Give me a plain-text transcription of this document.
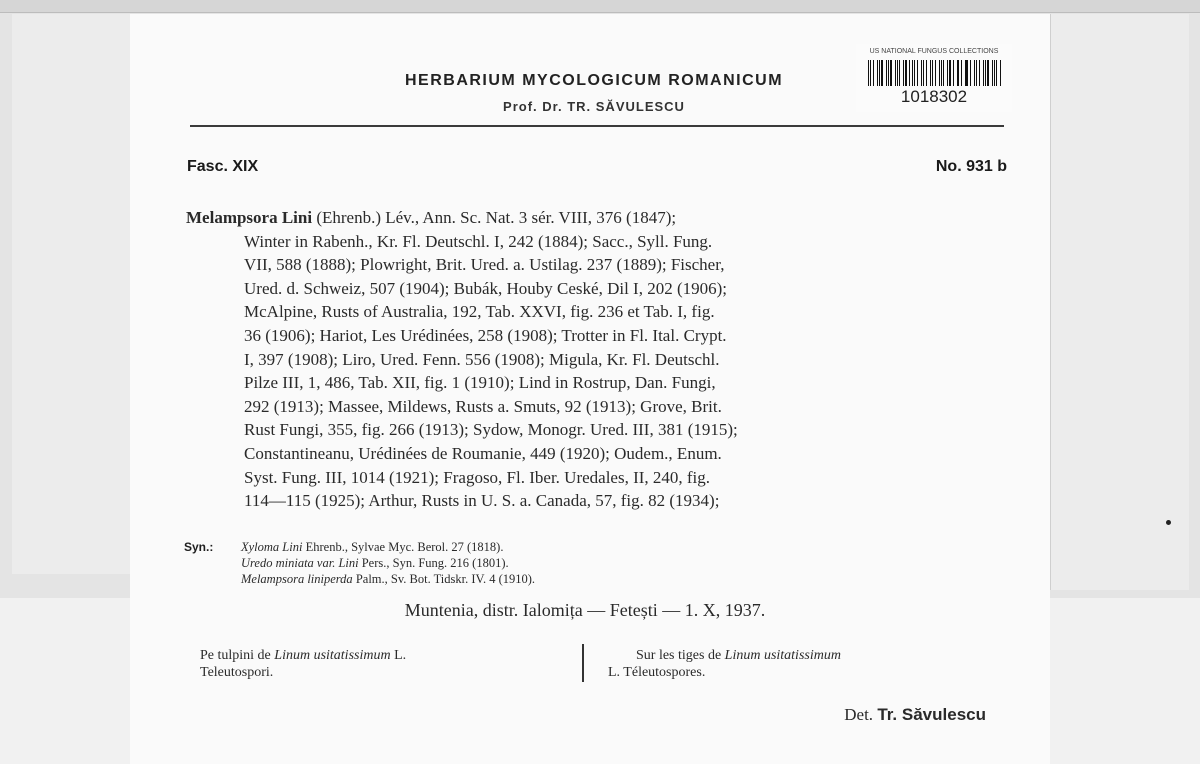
HERBARIUM MYCOLOGICUM ROMANICUM
Prof. Dr. TR. SĂVULESCU
US NATIONAL FUNGUS COLLECTIONS
1018302
Fasc. XIX	No. 931 b
Melampsora Lini (Ehrenb.) Lév., Ann. Sc. Nat. 3 sér. VIII, 376 (1847);
Winter in Rabenh., Kr. Fl. Deutschl. I, 242 (1884); Sacc., Syll. Fung.
VII, 588 (1888); Plowright, Brit. Ured. a. Ustilag. 237 (1889); Fischer,
Ured. d. Schweiz, 507 (1904); Bubák, Houby Ceské, Dil I, 202 (1906);
McAlpine, Rusts of Australia, 192, Tab. XXVI, fig. 236 et Tab. I, fig.
36 (1906); Hariot, Les Urédinées, 258 (1908); Trotter in Fl. Ital. Crypt.
I, 397 (1908); Liro, Ured. Fenn. 556 (1908); Migula, Kr. Fl. Deutschl.
Pilze III, 1, 486, Tab. XII, fig. 1 (1910); Lind in Rostrup, Dan. Fungi,
292 (1913); Massee, Mildews, Rusts a. Smuts, 92 (1913); Grove, Brit.
Rust Fungi, 355, fig. 266 (1913); Sydow, Monogr. Ured. III, 381 (1915);
Constantineanu, Urédinées de Roumanie, 449 (1920); Oudem., Enum.
Syst. Fung. III, 1014 (1921); Fragoso, Fl. Iber. Uredales, II, 240, fig.
114—115 (1925); Arthur, Rusts in U. S. a. Canada, 57, fig. 82 (1934);
Syn.: Xyloma Lini Ehrenb., Sylvae Myc. Berol. 27 (1818).
Uredo miniata var. Lini Pers., Syn. Fung. 216 (1801).
Melampsora liniperda Palm., Sv. Bot. Tidskr. IV. 4 (1910).
Muntenia, distr. Ialomița — Fetești — 1. X, 1937.
Pe tulpini de Linum usitatissimum L.
Teleutospori.
Sur les tiges de Linum usitatissimum
L. Téleutospores.
Det. Tr. Săvulescu
